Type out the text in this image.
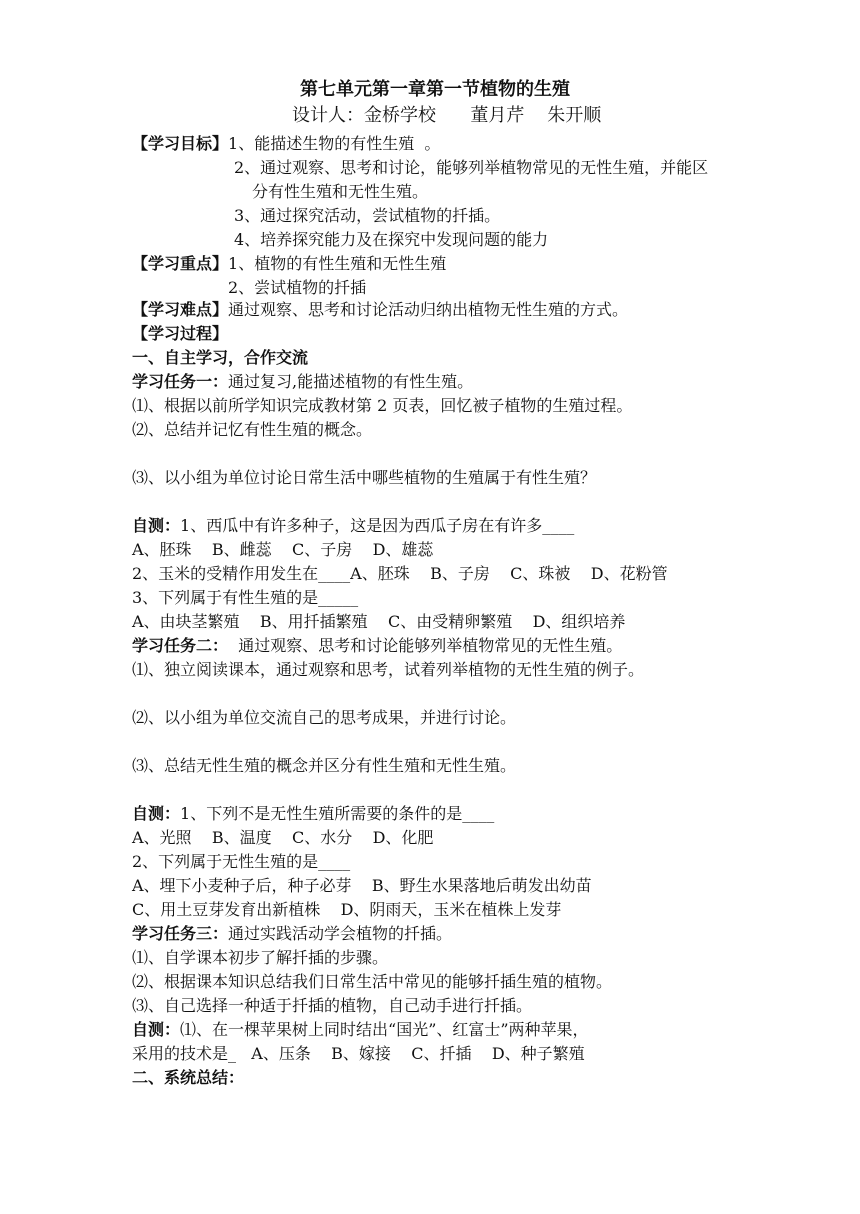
第七单元第一章第一节植物的生殖
设计人：金桥学校      董月芹    朱开顺
【学习目标】1、能描述生物的有性生殖  。
2、通过观察、思考和讨论，能够列举植物常见的无性生殖，并能区
分有性生殖和无性生殖。
3、通过探究活动，尝试植物的扦插。
4、培养探究能力及在探究中发现问题的能力
【学习重点】1、植物的有性生殖和无性生殖
2、尝试植物的扦插
【学习难点】通过观察、思考和讨论活动归纳出植物无性生殖的方式。
【学习过程】
一、自主学习，合作交流
学习任务一：通过复习,能描述植物的有性生殖。
⑴、根据以前所学知识完成教材第 2 页表，回忆被子植物的生殖过程。
⑵、总结并记忆有性生殖的概念。
⑶、以小组为单位讨论日常生活中哪些植物的生殖属于有性生殖？
自测：1、西瓜中有许多种子，这是因为西瓜子房在有许多____
A、胚珠    B、雌蕊    C、子房    D、雄蕊
2、玉米的受精作用发生在____A、胚珠    B、子房    C、珠被    D、花粉管
3、下列属于有性生殖的是_____
A、由块茎繁殖    B、用扦插繁殖    C、由受精卵繁殖    D、组织培养
学习任务二：  通过观察、思考和讨论能够列举植物常见的无性生殖。
⑴、独立阅读课本，通过观察和思考，试着列举植物的无性生殖的例子。
⑵、以小组为单位交流自己的思考成果，并进行讨论。
⑶、总结无性生殖的概念并区分有性生殖和无性生殖。
自测：1、下列不是无性生殖所需要的条件的是____
A、光照    B、温度    C、水分    D、化肥
2、下列属于无性生殖的是____
A、埋下小麦种子后，种子必芽    B、野生水果落地后萌发出幼苗
C、用土豆芽发育出新植株    D、阴雨天，玉米在植株上发芽
学习任务三：通过实践活动学会植物的扦插。
⑴、自学课本初步了解扦插的步骤。
⑵、根据课本知识总结我们日常生活中常见的能够扦插生殖的植物。
⑶、自己选择一种适于扦插的植物，自己动手进行扦插。
自测：⑴、在一棵苹果树上同时结出“国光”、红富士”两种苹果，
采用的技术是_   A、压条    B、嫁接    C、扦插    D、种子繁殖
二、系统总结：
